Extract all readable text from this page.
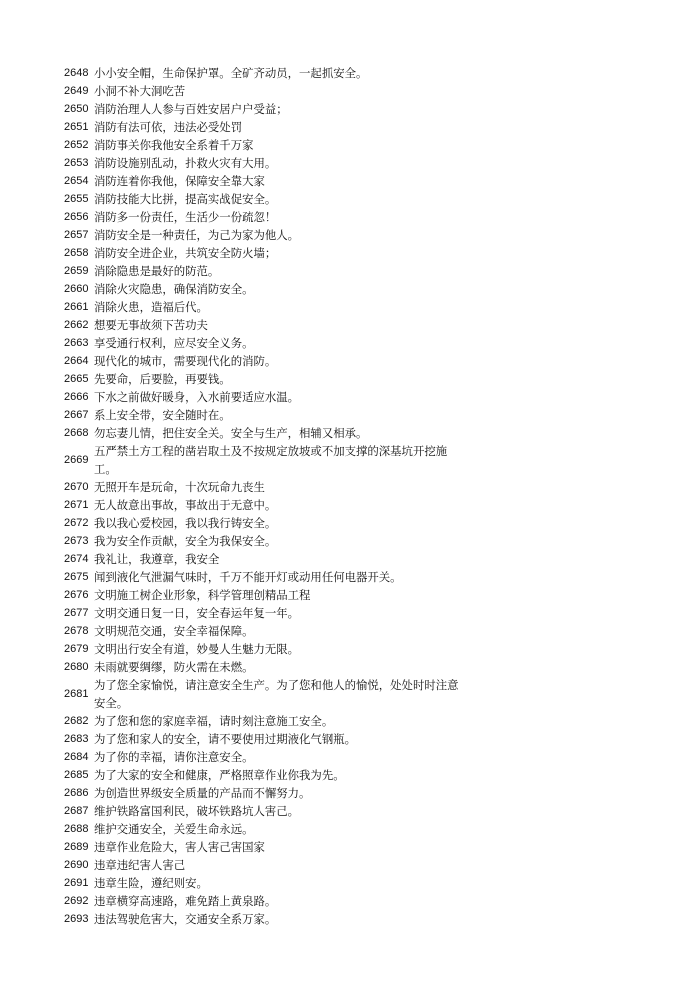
2648 小小安全帽，生命保护罩。全矿齐动员，一起抓安全。
2649 小洞不补大洞吃苦
2650 消防治理人人参与百姓安居户户受益；
2651 消防有法可依，违法必受处罚
2652 消防事关你我他安全系着千万家
2653 消防设施别乱动，扑救火灾有大用。
2654 消防连着你我他，保障安全靠大家
2655 消防技能大比拼，提高实战促安全。
2656 消防多一份责任，生活少一份疏忽！
2657 消防安全是一种责任，为己为家为他人。
2658 消防安全进企业，共筑安全防火墙；
2659 消除隐患是最好的防范。
2660 消除火灾隐患，确保消防安全。
2661 消除火患，造福后代。
2662 想要无事故须下苦功夫
2663 享受通行权利，应尽安全义务。
2664 现代化的城市，需要现代化的消防。
2665 先要命，后要脸，再要钱。
2666 下水之前做好暖身，入水前要适应水温。
2667 系上安全带，安全随时在。
2668 勿忘妻儿情，把住安全关。安全与生产，相辅又相承。
2669
五严禁土方工程的凿岩取土及不按规定放坡或不加支撑的深基坑开挖施工。
2670 无照开车是玩命，十次玩命九丧生
2671 无人故意出事故，事故出于无意中。
2672 我以我心爱校园，我以我行铸安全。
2673 我为安全作贡献，安全为我保安全。
2674 我礼让，我遵章，我安全
2675 闻到液化气泄漏气味时，千万不能开灯或动用任何电器开关。
2676 文明施工树企业形象，科学管理创精品工程
2677 文明交通日复一日，安全春运年复一年。
2678 文明规范交通，安全幸福保障。
2679 文明出行安全有道，妙曼人生魅力无限。
2680 未雨就要绸缪，防火需在未燃。
2681
为了您全家愉悦，请注意安全生产。为了您和他人的愉悦，处处时时注意安全。
2682 为了您和您的家庭幸福，请时刻注意施工安全。
2683 为了您和家人的安全，请不要使用过期液化气钢瓶。
2684 为了你的幸福，请你注意安全。
2685 为了大家的安全和健康，严格照章作业你我为先。
2686 为创造世界级安全质量的产品而不懈努力。
2687 维护铁路富国利民，破坏铁路坑人害己。
2688 维护交通安全，关爱生命永远。
2689 违章作业危险大，害人害己害国家
2690 违章违纪害人害己
2691 违章生险，遵纪则安。
2692 违章横穿高速路，难免踏上黄泉路。
2693 违法驾驶危害大，交通安全系万家。
